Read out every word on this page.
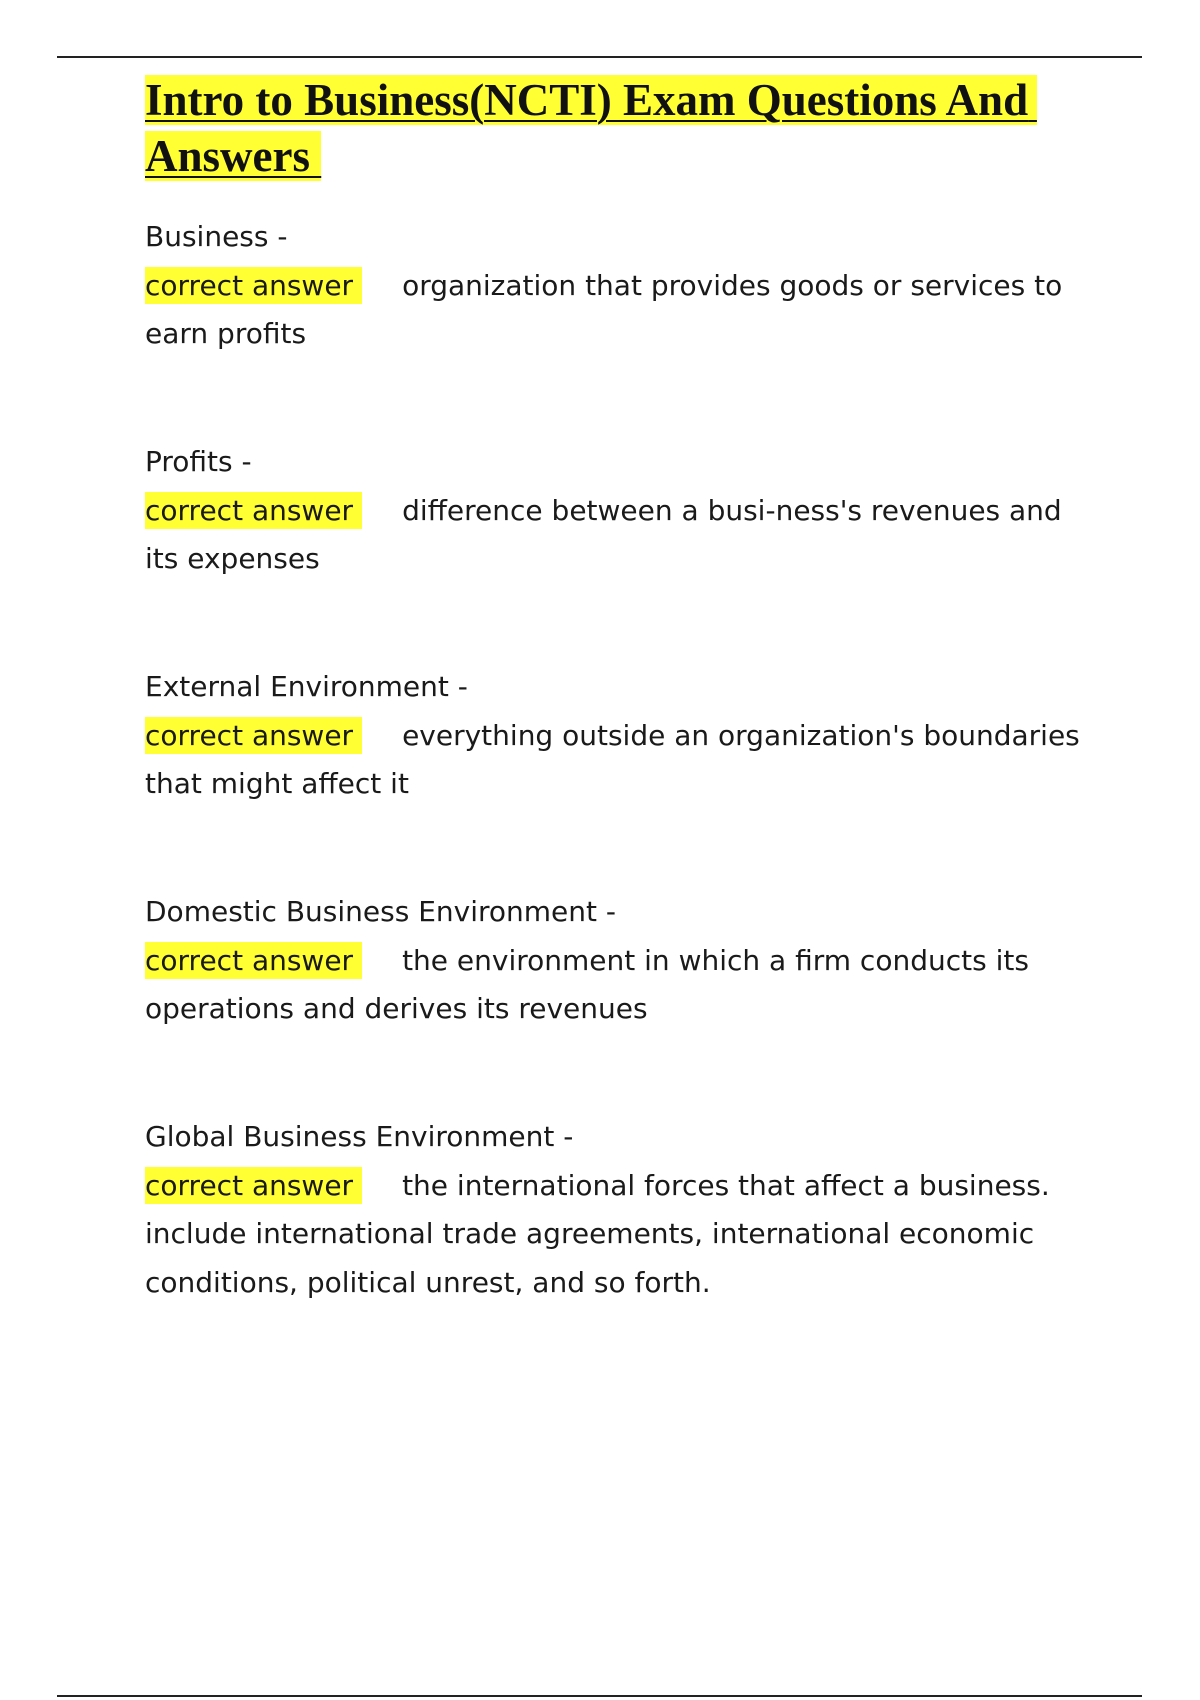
Intro to Business(NCTI) Exam Questions And Answers
Business -
correct answer organization that provides goods or services to earn profits
Profits -
correct answer difference between a busi-ness's revenues and its expenses
External Environment -
correct answer everything outside an organization's boundaries that might affect it
Domestic Business Environment -
correct answer the environment in which a firm conducts its operations and derives its revenues
Global Business Environment -
correct answer the international forces that affect a business. include international trade agreements, international economic conditions, political unrest, and so forth.
